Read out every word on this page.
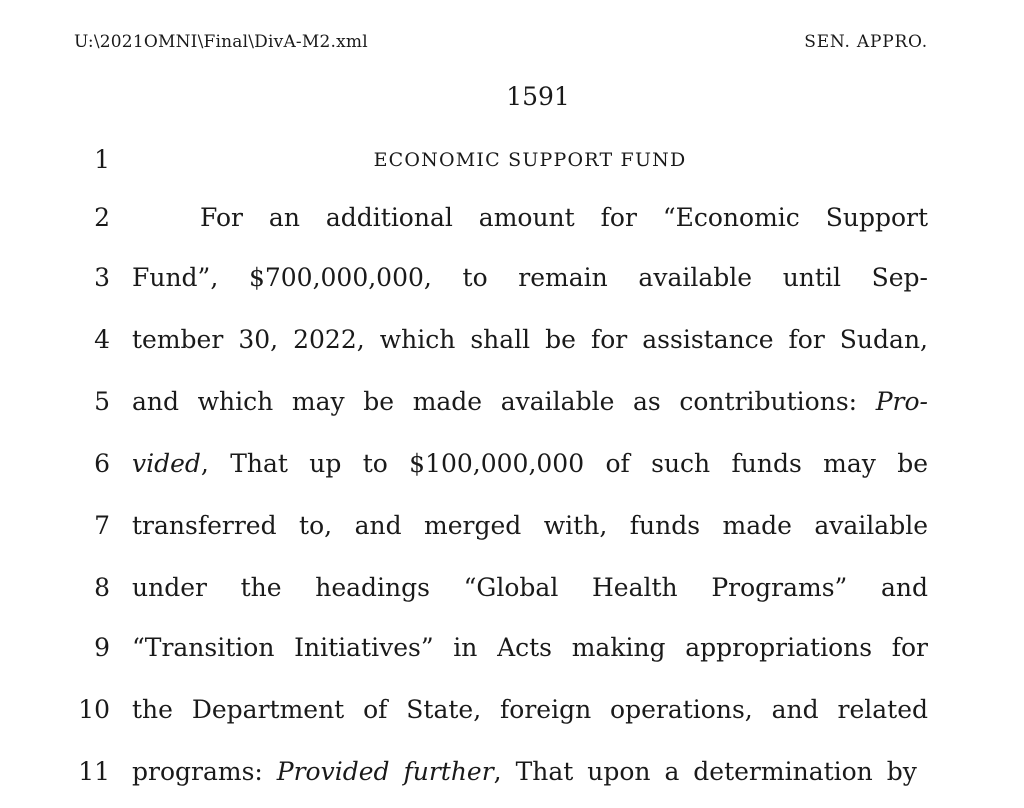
U:\2021OMNI\Final\DivA-M2.xml	SEN. APPRO.
1591
1	ECONOMIC SUPPORT FUND
2	For an additional amount for “Economic Support
3 Fund”, $700,000,000, to remain available until Sep-
4 tember 30, 2022, which shall be for assistance for Sudan,
5 and which may be made available as contributions: Pro-
6 vided, That up to $100,000,000 of such funds may be
7 transferred to, and merged with, funds made available
8 under the headings “Global Health Programs” and
9 “Transition Initiatives” in Acts making appropriations for
10 the Department of State, foreign operations, and related
11 programs: Provided further, That upon a determination by
